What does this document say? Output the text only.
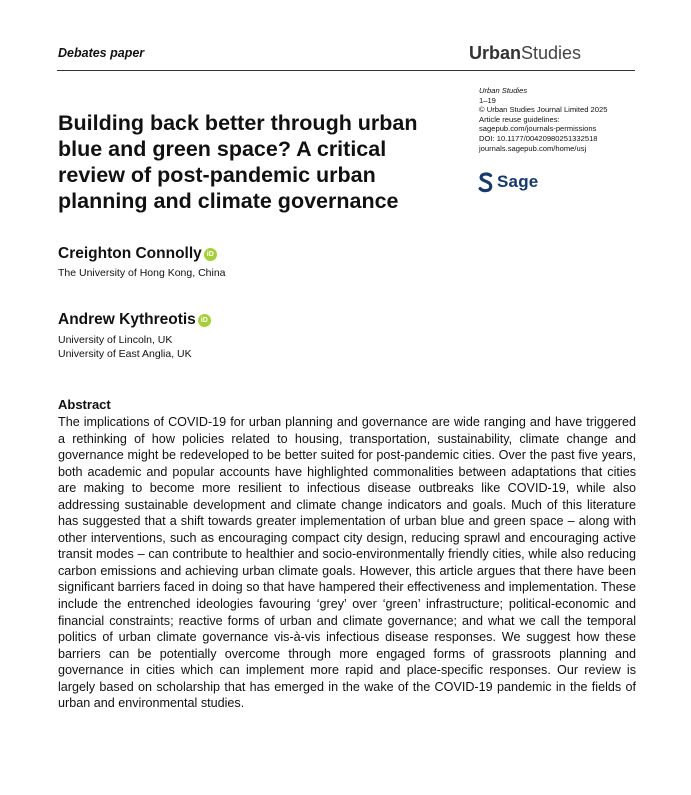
Debates paper	UrbanStudies
Urban Studies
1–19
© Urban Studies Journal Limited 2025
Article reuse guidelines:
sagepub.com/journals-permissions
DOI: 10.1177/00420980251332518
journals.sagepub.com/home/usj
Sage
Building back better through urban blue and green space? A critical review of post-pandemic urban planning and climate governance
Creighton Connolly iD
The University of Hong Kong, China
Andrew Kythreotis iD
University of Lincoln, UK
University of East Anglia, UK
Abstract

The implications of COVID-19 for urban planning and governance are wide ranging and have triggered a rethinking of how policies related to housing, transportation, sustainability, climate change and governance might be redeveloped to be better suited for post-pandemic cities. Over the past five years, both academic and popular accounts have highlighted commonalities between adaptations that cities are making to become more resilient to infectious disease outbreaks like COVID-19, while also addressing sustainable development and climate change indicators and goals. Much of this literature has suggested that a shift towards greater implementation of urban blue and green space – along with other interventions, such as encouraging compact city design, reducing sprawl and encouraging active transit modes – can contribute to healthier and socio-environmentally friendly cities, while also reducing carbon emissions and achieving urban climate goals. However, this article argues that there have been significant barriers faced in doing so that have hampered their effectiveness and implementation. These include the entrenched ideologies favouring ‘grey’ over ‘green’ infrastructure; political-economic and financial constraints; reactive forms of urban and climate governance; and what we call the temporal politics of urban climate governance vis-à-vis infectious disease responses. We suggest how these barriers can be potentially overcome through more engaged forms of grassroots planning and governance in cities which can implement more rapid and place-specific responses. Our review is largely based on scholarship that has emerged in the wake of the COVID-19 pandemic in the fields of urban and environmental studies.
